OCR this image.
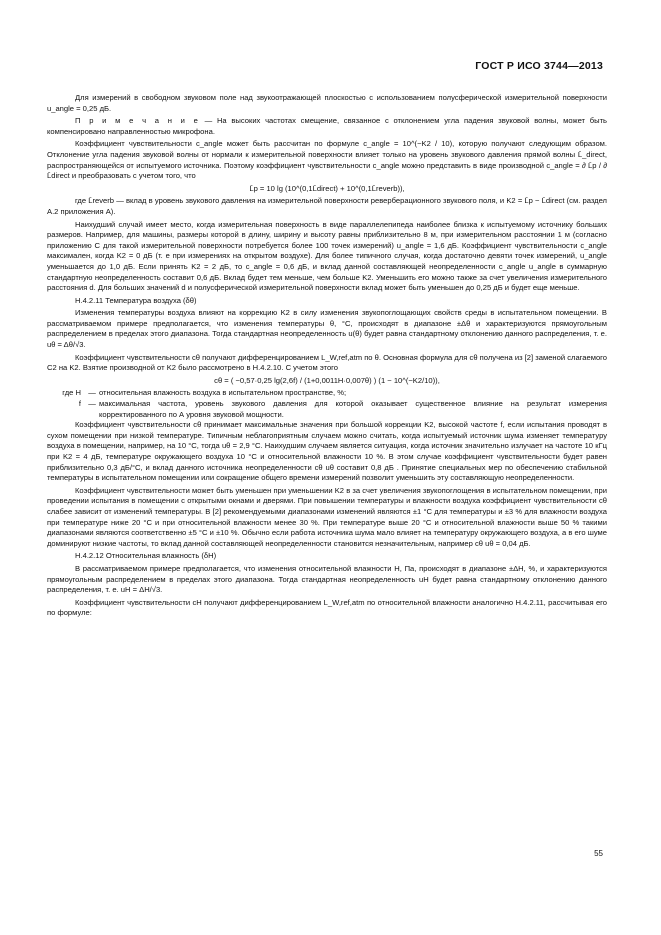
ГОСТ Р ИСО 3744—2013

Для измерений в свободном звуковом поле над звукоотражающей плоскостью с использованием полусферической измерительной поверхности u_angle = 0,25 дБ.

П р и м е ч а н и е — На высоких частотах смещение, связанное с отклонением угла падения звуковой волны, может быть компенсировано направленностью микрофона.

Коэффициент чувствительности c_angle может быть рассчитан по формуле c_angle = 10^(−K2 / 10), которую получают следующим образом. Отклонение угла падения звуковой волны от нормали к измерительной поверхности влияет только на уровень звукового давления прямой волны L̄_direct, распространяющейся от испытуемого источника. Поэтому коэффициент чувствительности c_angle можно представить в виде производной c_angle = ∂ L̄p / ∂ L̄direct и преобразовать с учетом того, что

L̄p = 10 lg (10^(0,1L̄direct) + 10^(0,1L̄reverb)),

где L̄reverb — вклад в уровень звукового давления на измерительной поверхности реверберационного звукового поля, и K2 = L̄p − L̄direct (см. раздел А.2 приложения А).

Наихудший случай имеет место, когда измерительная поверхность в виде параллелепипеда наиболее близка к испытуемому источнику больших размеров. Например, для машины, размеры которой в длину, ширину и высоту равны приблизительно 8 м, при измерительном расстоянии 1 м (согласно приложению С для такой измерительной поверхности потребуется более 100 точек измерений) u_angle = 1,6 дБ. Коэффициент чувствительности c_angle максимален, когда K2 = 0 дБ (т. е при измерениях на открытом воздухе). Для более типичного случая, когда достаточно девяти точек измерений, u_angle уменьшается до 1,0 дБ. Если принять K2 = 2 дБ, то c_angle = 0,6 дБ, и вклад данной составляющей неопределенности c_angle u_angle в суммарную стандартную неопределенность составит 0,6 дБ. Вклад будет тем меньше, чем больше K2. Уменьшить его можно также за счет увеличения измерительного расстояния d. Для больших значений d и полусферической измерительной поверхности вклад может быть уменьшен до 0,25 дБ и будет еще меньше.

Н.4.2.11 Температура воздуха (δθ)

Изменения температуры воздуха влияют на коррекцию K2 в силу изменения звукопоглощающих свойств среды в испытательном помещении. В рассматриваемом примере предполагается, что изменения температуры θ, °C, происходят в диапазоне ±Δθ и характеризуются прямоугольным распределением в пределах этого диапазона. Тогда стандартная неопределенность u(θ) будет равна стандартному отклонению данного распределения, т. е. uθ = Δθ/√3.

Коэффициент чувствительности cθ получают дифференцированием L_W,ref,atm по θ. Основная формула для cθ получена из [2] заменой слагаемого C2 на K2. Взятие производной от K2 было рассмотрено в Н.4.2.10. С учетом этого

cθ = ( −0,57·0,25 lg(2,6f) / (1+0,0011H·0,007θ) ) (1 − 10^(−K2/10)),

где H — относительная влажность воздуха в испытательном пространстве, %;
f — максимальная частота, уровень звукового давления для которой оказывает существенное влияние на результат измерения корректированного по А уровня звуковой мощности.

Коэффициент чувствительности cθ принимает максимальные значения при большой коррекции K2, высокой частоте f, если испытания проводят в сухом помещении при низкой температуре. Типичным неблагоприятным случаем можно считать, когда испытуемый источник шума изменяет температуру воздуха в помещении, например, на 10 °C, тогда uθ = 2,9 °C. Наихудшим случаем является ситуация, когда источник значительно излучает на частоте 10 кГц при K2 = 4 дБ, температуре окружающего воздуха 10 °C и относительной влажности 10 %. В этом случае коэффициент чувствительности будет равен приблизительно 0,3 дБ/°C, и вклад данного источника неопределенности cθ uθ составит 0,8 дБ . Принятие специальных мер по обеспечению стабильной температуры в испытательном помещении или сокращение общего времени измерений позволит уменьшить эту составляющую неопределенности.

Коэффициент чувствительности может быть уменьшен при уменьшении K2 в за счет увеличения звукопоглощения в испытательном помещении, при проведении испытания в помещении с открытыми окнами и дверями. При повышении температуры и влажности воздуха коэффициент чувствительности cθ слабее зависит от изменений температуры. В [2] рекомендуемыми диапазонами изменений являются ±1 °C для температуры и ±3 % для влажности воздуха при температуре ниже 20 °C и при относительной влажности менее 30 %. При температуре выше 20 °C и относительной влажности выше 50 % такими диапазонами являются соответственно ±5 °C и ±10 %. Обычно если работа источника шума мало влияет на температуру окружающего воздуха, а в его шуме доминируют низкие частоты, то вклад данной составляющей неопределенности становится незначительным, например cθ uθ = 0,04 дБ.

Н.4.2.12 Относительная влажность (δH)

В рассматриваемом примере предполагается, что изменения относительной влажности H, Па, происходят в диапазоне ±ΔH, %, и характеризуются прямоугольным распределением в пределах этого диапазона. Тогда стандартная неопределенность uH будет равна стандартному отклонению данного распределения, т. е. uH = ΔH/√3.

Коэффициент чувствительности cH получают дифференцированием L_W,ref,atm по относительной влажности аналогично Н.4.2.11, рассчитывая его по формуле:

55
